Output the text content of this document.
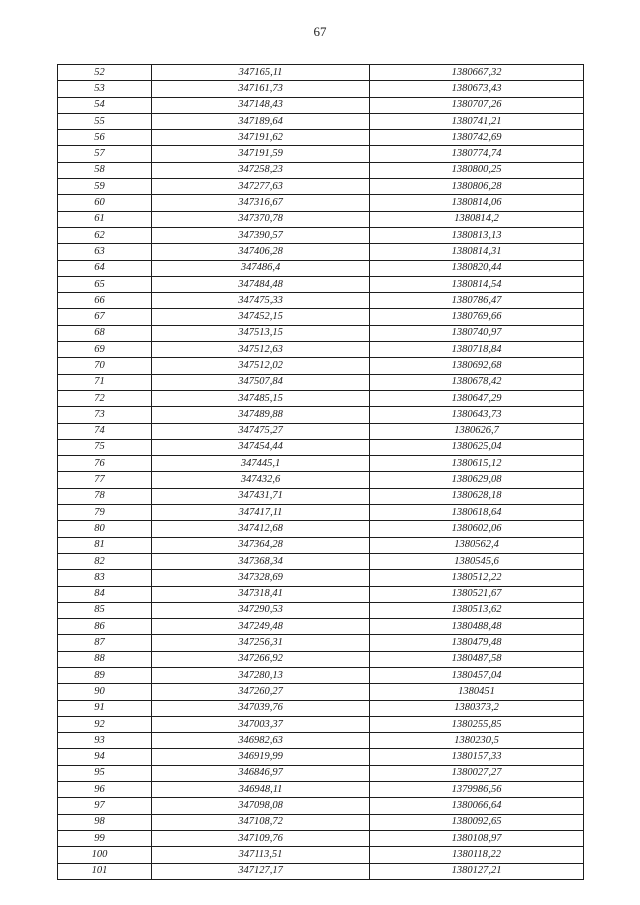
67
52	347165,11	1380667,32
53	347161,73	1380673,43
54	347148,43	1380707,26
55	347189,64	1380741,21
56	347191,62	1380742,69
57	347191,59	1380774,74
58	347258,23	1380800,25
59	347277,63	1380806,28
60	347316,67	1380814,06
61	347370,78	1380814,2
62	347390,57	1380813,13
63	347406,28	1380814,31
64	347486,4	1380820,44
65	347484,48	1380814,54
66	347475,33	1380786,47
67	347452,15	1380769,66
68	347513,15	1380740,97
69	347512,63	1380718,84
70	347512,02	1380692,68
71	347507,84	1380678,42
72	347485,15	1380647,29
73	347489,88	1380643,73
74	347475,27	1380626,7
75	347454,44	1380625,04
76	347445,1	1380615,12
77	347432,6	1380629,08
78	347431,71	1380628,18
79	347417,11	1380618,64
80	347412,68	1380602,06
81	347364,28	1380562,4
82	347368,34	1380545,6
83	347328,69	1380512,22
84	347318,41	1380521,67
85	347290,53	1380513,62
86	347249,48	1380488,48
87	347256,31	1380479,48
88	347266,92	1380487,58
89	347280,13	1380457,04
90	347260,27	1380451
91	347039,76	1380373,2
92	347003,37	1380255,85
93	346982,63	1380230,5
94	346919,99	1380157,33
95	346846,97	1380027,27
96	346948,11	1379986,56
97	347098,08	1380066,64
98	347108,72	1380092,65
99	347109,76	1380108,97
100	347113,51	1380118,22
101	347127,17	1380127,21
